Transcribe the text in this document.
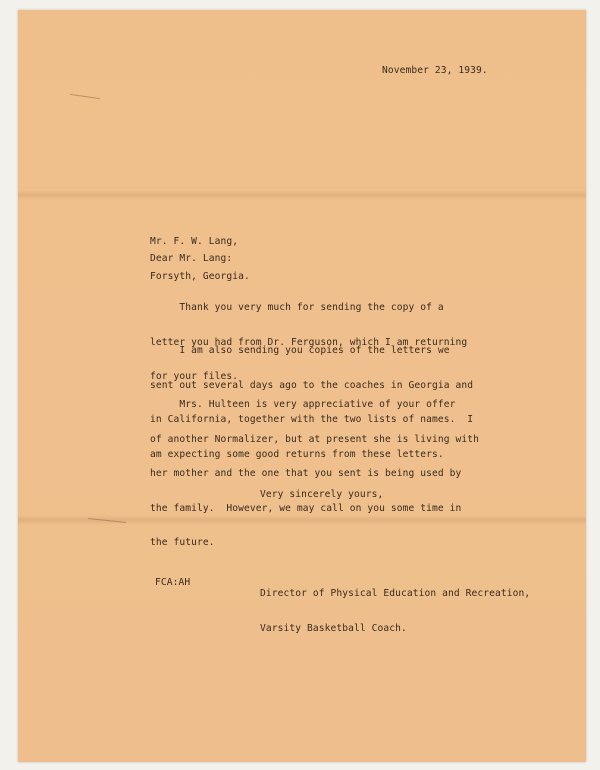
November 23, 1939.

Mr. F. W. Lang,

Forsyth, Georgia.

Dear Mr. Lang:

Thank you very much for sending the copy of a

letter you had from Dr. Ferguson, which I am returning

for your files.

I am also sending you copies of the letters we

sent out several days ago to the coaches in Georgia and

in California, together with the two lists of names.  I

am expecting some good returns from these letters.

Mrs. Hulteen is very appreciative of your offer

of another Normalizer, but at present she is living with

her mother and the one that you sent is being used by

the family.  However, we may call on you some time in

the future.

Very sincerely yours,

Director of Physical Education and Recreation,

Varsity Basketball Coach.

FCA:AH
